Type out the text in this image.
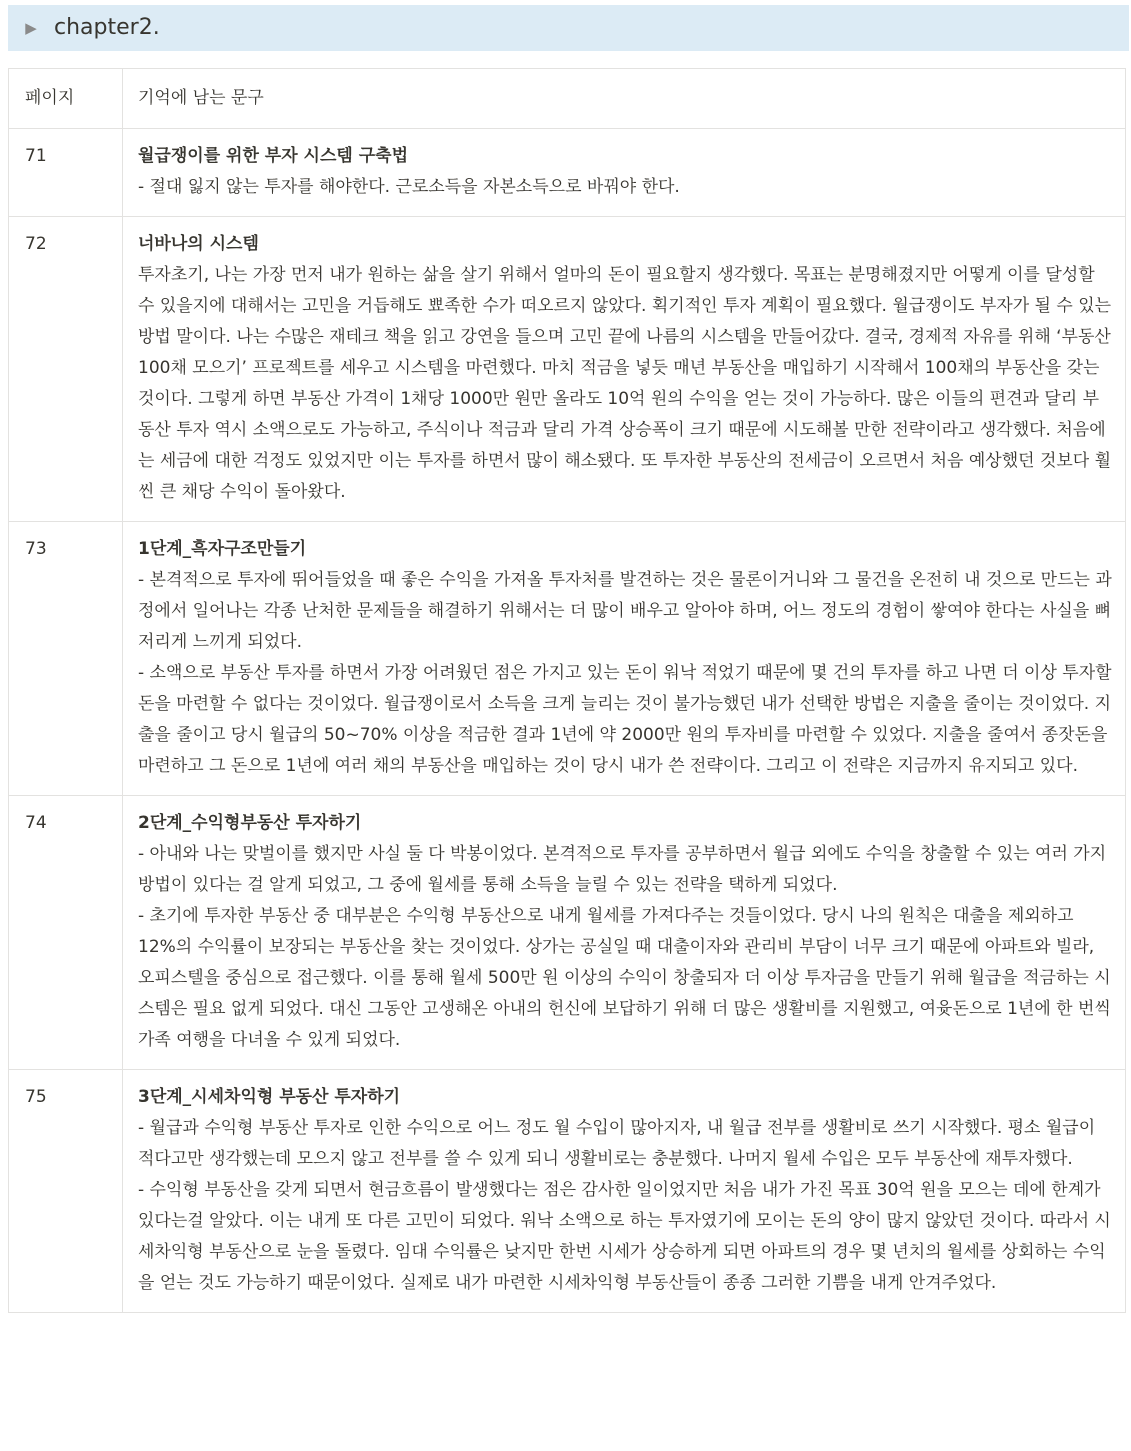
▶ chapter2.
페이지	기억에 남는 문구
71	월급쟁이를 위한 부자 시스템 구축법
- 절대 잃지 않는 투자를 해야한다. 근로소득을 자본소득으로 바꿔야 한다.

72	너바나의 시스템
투자초기, 나는 가장 먼저 내가 원하는 삶을 살기 위해서 얼마의 돈이 필요할지 생각했다. 목표는 분명해졌지만 어떻게 이를 달성할 수 있을지에 대해서는 고민을 거듭해도 뾰족한 수가 떠오르지 않았다. 획기적인 투자 계획이 필요했다. 월급쟁이도 부자가 될 수 있는 방법 말이다. 나는 수많은 재테크 책을 읽고 강연을 들으며 고민 끝에 나름의 시스템을 만들어갔다. 결국, 경제적 자유를 위해 ‘부동산 100채 모으기’ 프로젝트를 세우고 시스템을 마련했다. 마치 적금을 넣듯 매년 부동산을 매입하기 시작해서 100채의 부동산을 갖는 것이다. 그렇게 하면 부동산 가격이 1채당 1000만 원만 올라도 10억 원의 수익을 얻는 것이 가능하다. 많은 이들의 편견과 달리 부동산 투자 역시 소액으로도 가능하고, 주식이나 적금과 달리 가격 상승폭이 크기 때문에 시도해볼 만한 전략이라고 생각했다. 처음에는 세금에 대한 걱정도 있었지만 이는 투자를 하면서 많이 해소됐다. 또 투자한 부동산의 전세금이 오르면서 처음 예상했던 것보다 훨씬 큰 채당 수익이 돌아왔다.

73	1단계_흑자구조만들기
- 본격적으로 투자에 뛰어들었을 때 좋은 수익을 가져올 투자처를 발견하는 것은 물론이거니와 그 물건을 온전히 내 것으로 만드는 과정에서 일어나는 각종 난처한 문제들을 해결하기 위해서는 더 많이 배우고 알아야 하며, 어느 정도의 경험이 쌓여야 한다는 사실을 뼈저리게 느끼게 되었다.
- 소액으로 부동산 투자를 하면서 가장 어려웠던 점은 가지고 있는 돈이 워낙 적었기 때문에 몇 건의 투자를 하고 나면 더 이상 투자할 돈을 마련할 수 없다는 것이었다. 월급쟁이로서 소득을 크게 늘리는 것이 불가능했던 내가 선택한 방법은 지출을 줄이는 것이었다. 지출을 줄이고 당시 월급의 50~70% 이상을 적금한 결과 1년에 약 2000만 원의 투자비를 마련할 수 있었다. 지출을 줄여서 종잣돈을 마련하고 그 돈으로 1년에 여러 채의 부동산을 매입하는 것이 당시 내가 쓴 전략이다. 그리고 이 전략은 지금까지 유지되고 있다.

74	2단계_수익형부동산 투자하기
- 아내와 나는 맞벌이를 했지만 사실 둘 다 박봉이었다. 본격적으로 투자를 공부하면서 월급 외에도 수익을 창출할 수 있는 여러 가지 방법이 있다는 걸 알게 되었고, 그 중에 월세를 통해 소득을 늘릴 수 있는 전략을 택하게 되었다.
- 초기에 투자한 부동산 중 대부분은 수익형 부동산으로 내게 월세를 가져다주는 것들이었다. 당시 나의 원칙은 대출을 제외하고 12%의 수익률이 보장되는 부동산을 찾는 것이었다. 상가는 공실일 때 대출이자와 관리비 부담이 너무 크기 때문에 아파트와 빌라, 오피스텔을 중심으로 접근했다. 이를 통해 월세 500만 원 이상의 수익이 창출되자 더 이상 투자금을 만들기 위해 월급을 적금하는 시스템은 필요 없게 되었다. 대신 그동안 고생해온 아내의 헌신에 보답하기 위해 더 많은 생활비를 지원했고, 여윳돈으로 1년에 한 번씩 가족 여행을 다녀올 수 있게 되었다.

75	3단계_시세차익형 부동산 투자하기
- 월급과 수익형 부동산 투자로 인한 수익으로 어느 정도 월 수입이 많아지자, 내 월급 전부를 생활비로 쓰기 시작했다. 평소 월급이 적다고만 생각했는데 모으지 않고 전부를 쓸 수 있게 되니 생활비로는 충분했다. 나머지 월세 수입은 모두 부동산에 재투자했다.
- 수익형 부동산을 갖게 되면서 현금흐름이 발생했다는 점은 감사한 일이었지만 처음 내가 가진 목표 30억 원을 모으는 데에 한계가 있다는걸 알았다. 이는 내게 또 다른 고민이 되었다. 워낙 소액으로 하는 투자였기에 모이는 돈의 양이 많지 않았던 것이다. 따라서 시세차익형 부동산으로 눈을 돌렸다. 임대 수익률은 낮지만 한번 시세가 상승하게 되면 아파트의 경우 몇 년치의 월세를 상회하는 수익을 얻는 것도 가능하기 때문이었다. 실제로 내가 마련한 시세차익형 부동산들이 종종 그러한 기쁨을 내게 안겨주었다.
